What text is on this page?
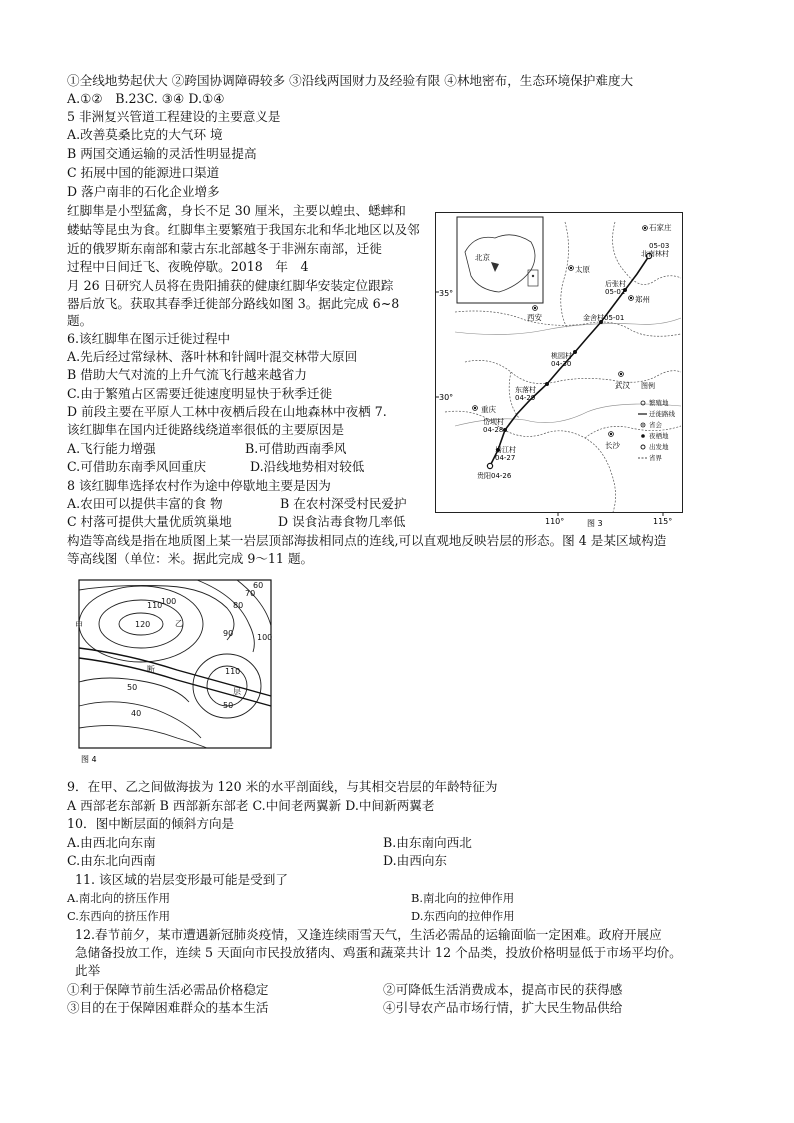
①全线地势起伏大 ②跨国协调障碍较多 ③沿线两国财力及经验有限 ④林地密布，生态环境保护难度大
A.①②　B.23C. ③④ D.①④
5 非洲复兴管道工程建设的主要意义是
A.改善莫桑比克的大气环 境
B 两国交通运输的灵活性明显提高
C 拓展中国的能源进口渠道
D 落户南非的石化企业增多
红脚隼是小型猛禽，身长不足 30 厘米，主要以蝗虫、蟋蟀和
蝼蛄等昆虫为食。红脚隼主要繁殖于我国东北和华北地区以及邻
近的俄罗斯东南部和蒙古东北部越冬于非洲东南部，迁徙
过程中日间迁飞、夜晚停歇。2018　年　4
月 26 日研究人员将在贵阳捕获的健康红脚华安装定位跟踪
器后放飞。获取其春季迁徙部分路线如图 3。据此完成 6~8
题。
6.该红脚隼在图示迁徙过程中
A.先后经过常绿林、落叶林和针阔叶混交林带大原回
B 借助大气对流的上升气流飞行越来越省力
C.由于繁殖占区需要迁徙速度明显快于秋季迁徙
D 前段主要在平原人工林中夜栖后段在山地森林中夜栖 7.
该红脚隼在国内迁徙路线绕道率很低的主要原因是
A.飞行能力增强	B.可借助西南季风
C.可借助东南季风回重庆	D.沿线地势相对较低
8 该红脚隼选择农村作为途中停歇地主要是因为
A.农田可以提供丰富的食 物	B 在农村深受村民爱护
C 村落可提供大量优质筑巢地	D 误食沾毒食物几率低
北京
35°
30°
110°	115°
石家庄
太原
郑州
西安
武汉
重庆
长沙
05-03
北南林村
后张村
05-02
金舍村05-01
桃园村
04-30
东落村
04-29
岱坝村
04-28
岩江村
04-27
贵阳04-26
图例
繁殖地
迁徙路线
省会
夜栖地
出发地
省界
图 3
构造等高线是指在地质图上某一岩层顶部海拔相同点的连线,可以直观地反映岩层的形态。图 4 是某区域构造
等高线图（单位：米。据此完成 9～11 题。
甲	乙
120
110
100
90
80
70
60
100
110
断
层
50
40
50
图 4
9．在甲、乙之间做海拔为 120 米的水平剖面线，与其相交岩层的年龄特征为
A 西部老东部新 B 西部新东部老 C.中间老两翼新 D.中间新两翼老
10．图中断层面的倾斜方向是
A.由西北向东南	B.由东南向西北
C.由东北向西南	D.由西向东
11. 该区域的岩层变形最可能是受到了
A.南北向的挤压作用	B.南北向的拉伸作用
C.东西向的挤压作用	D.东西向的拉伸作用
12.春节前夕，某市遭遇新冠肺炎疫情，又逢连续雨雪天气，生活必需品的运输面临一定困难。政府开展应
急储备投放工作，连续 5 天面向市民投放猪肉、鸡蛋和蔬菜共计 12 个品类，投放价格明显低于市场平均价。
此举
①利于保障节前生活必需品价格稳定	②可降低生活消费成本，提高市民的获得感
③目的在于保障困难群众的基本生活	④引导农产品市场行情，扩大民生物品供给
